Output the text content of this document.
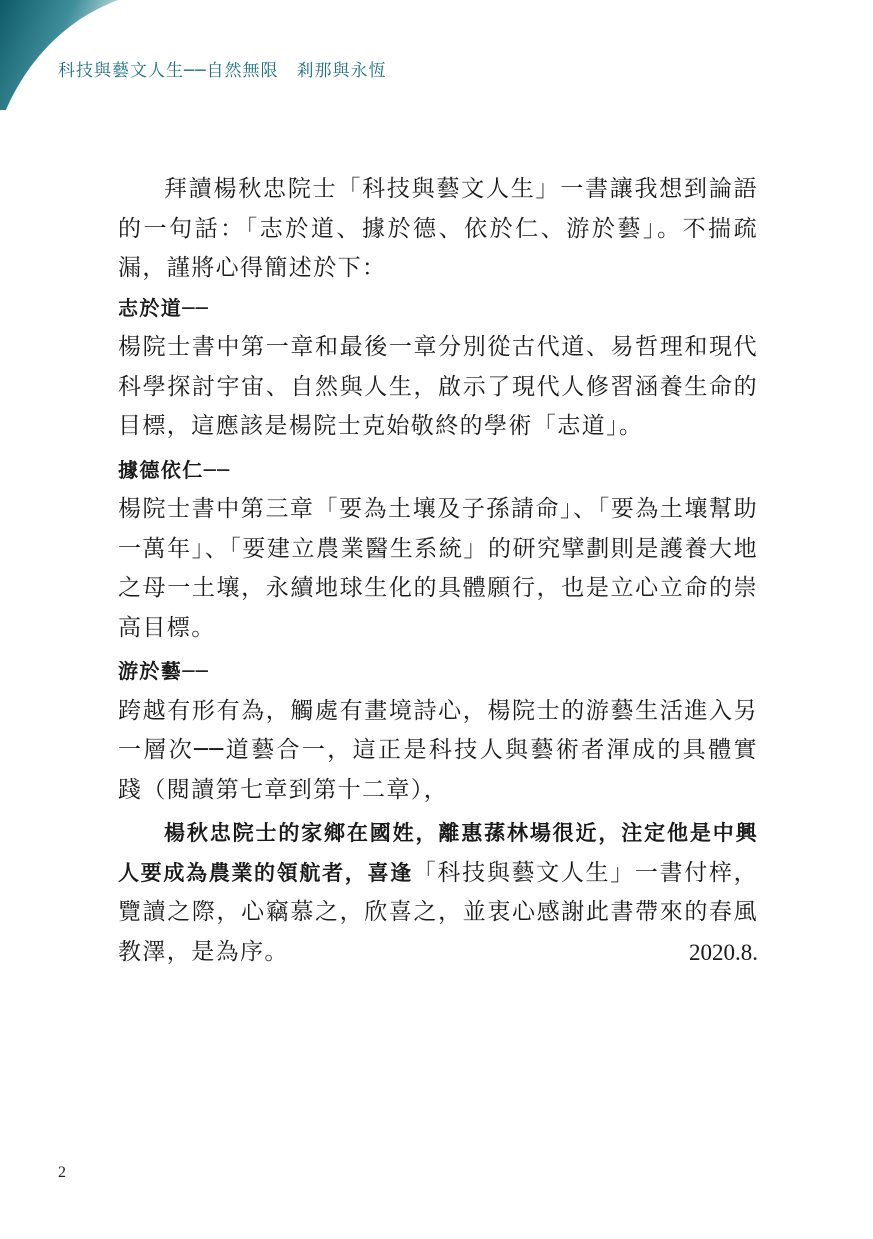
科技與藝文人生──自然無限　剎那與永恆

拜讀楊秋忠院士「科技與藝文人生」一書讓我想到論語的一句話：「志於道、據於德、依於仁、游於藝」。不揣疏漏，謹將心得簡述於下：

志於道──

楊院士書中第一章和最後一章分別從古代道、易哲理和現代科學探討宇宙、自然與人生，啟示了現代人修習涵養生命的目標，這應該是楊院士克始敬終的學術「志道」。

據德依仁──

楊院士書中第三章「要為土壤及子孫請命」、「要為土壤幫助一萬年」、「要建立農業醫生系統」的研究擘劃則是護養大地之母一土壤，永續地球生化的具體願行，也是立心立命的崇高目標。

游於藝──

跨越有形有為，觸處有畫境詩心，楊院士的游藝生活進入另一層次──道藝合一，這正是科技人與藝術者渾成的具體實踐（閱讀第七章到第十二章），

楊秋忠院士的家鄉在國姓，離惠蓀林場很近，注定他是中興人要成為農業的領航者，喜逢「科技與藝文人生」一書付梓，覽讀之際，心竊慕之，欣喜之，並衷心感謝此書帶來的春風教澤，是為序。	2020.8.

2
